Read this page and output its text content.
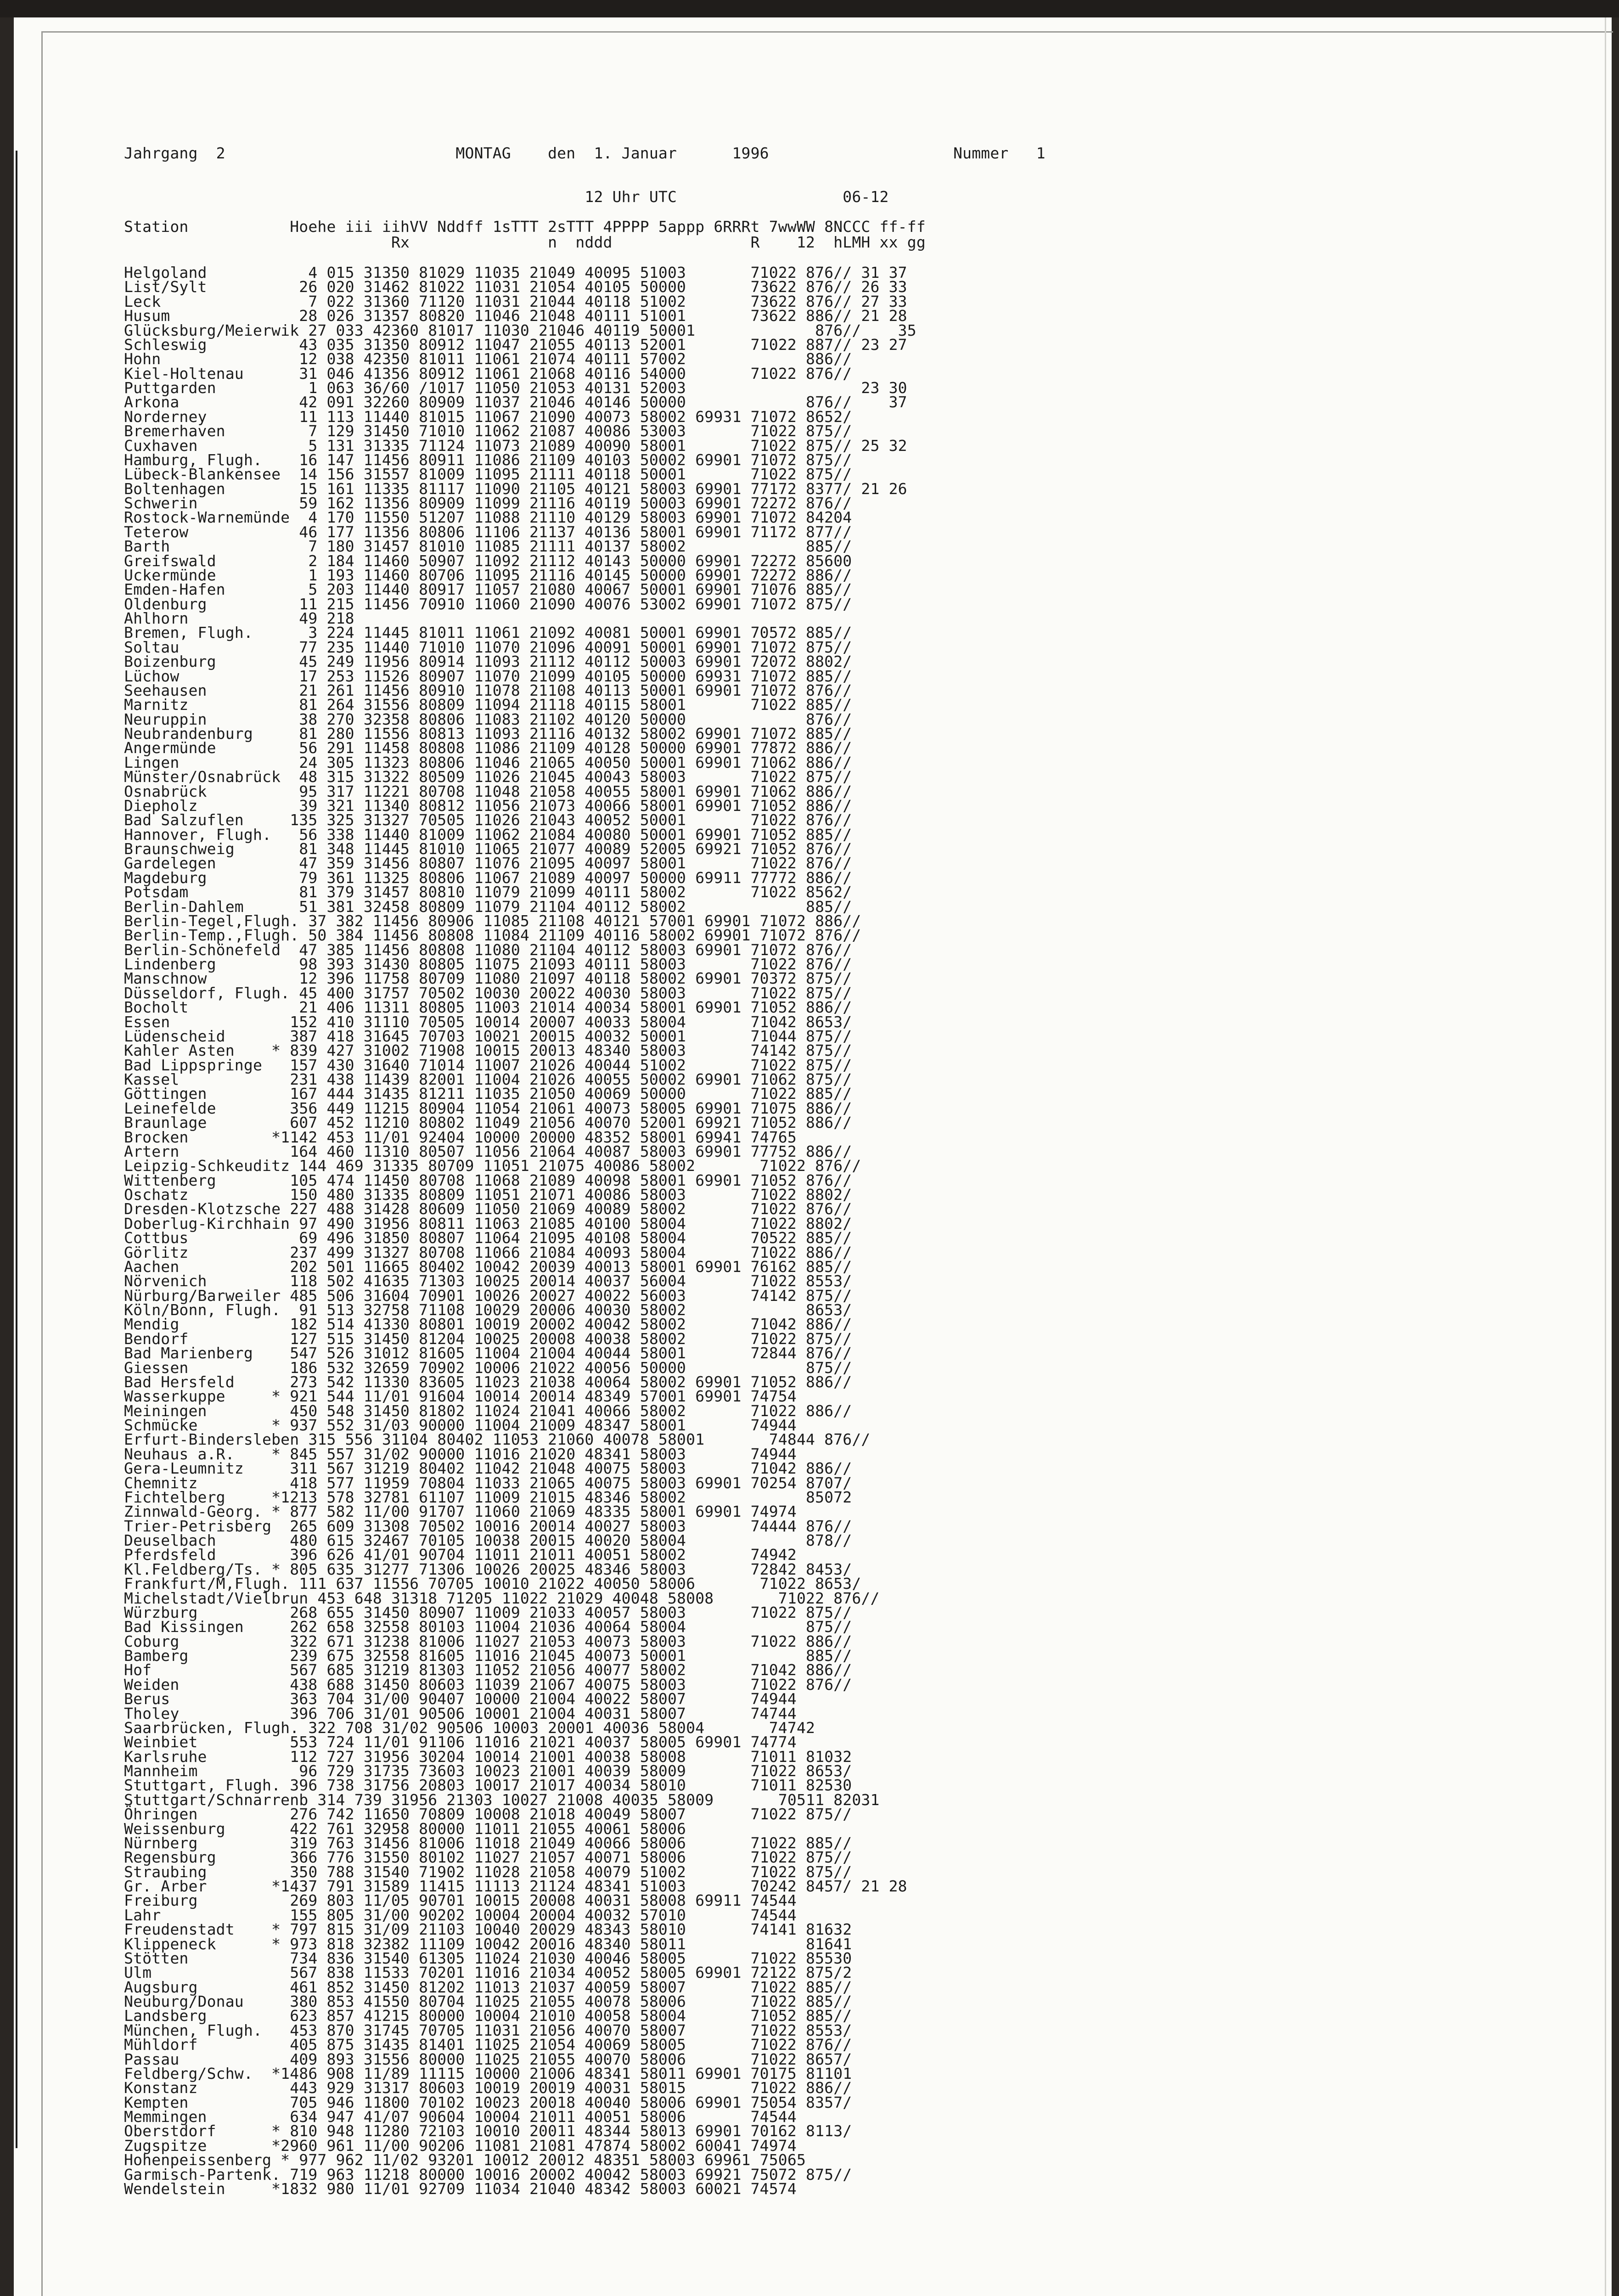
Jahrgang  2                         MONTAG    den  1. Januar      1996                    Nummer   1
12 Uhr UTC                  06-12
Station           Hoehe iii iihVV Nddff 1sTTT 2sTTT 4PPPP 5appp 6RRRt 7wwWW 8NCCC ff-ff
Rx               n  nddd               R    12  hLMH xx gg
Helgoland           4 015 31350 81029 11035 21049 40095 51003       71022 876// 31 37
List/Sylt          26 020 31462 81022 11031 21054 40105 50000       73622 876// 26 33
Leck                7 022 31360 71120 11031 21044 40118 51002       73622 876// 27 33
Husum              28 026 31357 80820 11046 21048 40111 51001       73622 886// 21 28
Glücksburg/Meierwik 27 033 42360 81017 11030 21046 40119 50001             876//    35
Schleswig          43 035 31350 80912 11047 21055 40113 52001       71022 887// 23 27
Hohn               12 038 42350 81011 11061 21074 40111 57002             886//
Kiel-Holtenau      31 046 41356 80912 11061 21068 40116 54000       71022 876//
Puttgarden          1 063 36/60 /1017 11050 21053 40131 52003                   23 30
Arkona             42 091 32260 80909 11037 21046 40146 50000             876//    37
Norderney          11 113 11440 81015 11067 21090 40073 58002 69931 71072 8652/
Bremerhaven         7 129 31450 71010 11062 21087 40086 53003       71022 875//
Cuxhaven            5 131 31335 71124 11073 21089 40090 58001       71022 875// 25 32
Hamburg, Flugh.    16 147 11456 80911 11086 21109 40103 50002 69901 71072 875//
Lübeck-Blankensee  14 156 31557 81009 11095 21111 40118 50001       71022 875//
Boltenhagen        15 161 11335 81117 11090 21105 40121 58003 69901 77172 8377/ 21 26
Schwerin           59 162 11356 80909 11099 21116 40119 50003 69901 72272 876//
Rostock-Warnemünde  4 170 11550 51207 11088 21110 40129 58003 69901 71072 84204
Teterow            46 177 11356 80806 11106 21137 40136 58001 69901 71172 877//
Barth               7 180 31457 81010 11085 21111 40137 58002             885//
Greifswald          2 184 11460 50907 11092 21112 40143 50000 69901 72272 85600
Uckermünde          1 193 11460 80706 11095 21116 40145 50000 69901 72272 886//
Emden-Hafen         5 203 11440 80917 11057 21080 40067 50001 69901 71076 885//
Oldenburg          11 215 11456 70910 11060 21090 40076 53002 69901 71072 875//
Ahlhorn            49 218
Bremen, Flugh.      3 224 11445 81011 11061 21092 40081 50001 69901 70572 885//
Soltau             77 235 11440 71010 11070 21096 40091 50001 69901 71072 875//
Boizenburg         45 249 11956 80914 11093 21112 40112 50003 69901 72072 8802/
Lüchow             17 253 11526 80907 11070 21099 40105 50000 69931 71072 885//
Seehausen          21 261 11456 80910 11078 21108 40113 50001 69901 71072 876//
Marnitz            81 264 31556 80809 11094 21118 40115 58001       71022 885//
Neuruppin          38 270 32358 80806 11083 21102 40120 50000             876//
Neubrandenburg     81 280 11556 80813 11093 21116 40132 58002 69901 71072 885//
Angermünde         56 291 11458 80808 11086 21109 40128 50000 69901 77872 886//
Lingen             24 305 11323 80806 11046 21065 40050 50001 69901 71062 886//
Münster/Osnabrück  48 315 31322 80509 11026 21045 40043 58003       71022 875//
Osnabrück          95 317 11221 80708 11048 21058 40055 58001 69901 71062 886//
Diepholz           39 321 11340 80812 11056 21073 40066 58001 69901 71052 886//
Bad Salzuflen     135 325 31327 70505 11026 21043 40052 50001       71022 876//
Hannover, Flugh.   56 338 11440 81009 11062 21084 40080 50001 69901 71052 885//
Braunschweig       81 348 11445 81010 11065 21077 40089 52005 69921 71052 876//
Gardelegen         47 359 31456 80807 11076 21095 40097 58001       71022 876//
Magdeburg          79 361 11325 80806 11067 21089 40097 50000 69911 77772 886//
Potsdam            81 379 31457 80810 11079 21099 40111 58002       71022 8562/
Berlin-Dahlem      51 381 32458 80809 11079 21104 40112 58002             885//
Berlin-Tegel,Flugh. 37 382 11456 80906 11085 21108 40121 57001 69901 71072 886//
Berlin-Temp.,Flugh. 50 384 11456 80808 11084 21109 40116 58002 69901 71072 876//
Berlin-Schönefeld  47 385 11456 80808 11080 21104 40112 58003 69901 71072 876//
Lindenberg         98 393 31430 80805 11075 21093 40111 58003       71022 876//
Manschnow          12 396 11758 80709 11080 21097 40118 58002 69901 70372 875//
Düsseldorf, Flugh. 45 400 31757 70502 10030 20022 40030 58003       71022 875//
Bocholt            21 406 11311 80805 11003 21014 40034 58001 69901 71052 886//
Essen             152 410 31110 70505 10014 20007 40033 58004       71042 8653/
Lüdenscheid       387 418 31645 70703 10021 20015 40032 50001       71044 875//
Kahler Asten    * 839 427 31002 71908 10015 20013 48340 58003       74142 875//
Bad Lippspringe   157 430 31640 71014 11007 21026 40044 51002       71022 875//
Kassel            231 438 11439 82001 11004 21026 40055 50002 69901 71062 875//
Göttingen         167 444 31435 81211 11035 21050 40069 50000       71022 885//
Leinefelde        356 449 11215 80904 11054 21061 40073 58005 69901 71075 886//
Braunlage         607 452 11210 80802 11049 21056 40070 52001 69921 71052 886//
Brocken         *1142 453 11/01 92404 10000 20000 48352 58001 69941 74765
Artern            164 460 11310 80507 11056 21064 40087 58003 69901 77752 886//
Leipzig-Schkeuditz 144 469 31335 80709 11051 21075 40086 58002       71022 876//
Wittenberg        105 474 11450 80708 11068 21089 40098 58001 69901 71052 876//
Oschatz           150 480 31335 80809 11051 21071 40086 58003       71022 8802/
Dresden-Klotzsche 227 488 31428 80609 11050 21069 40089 58002       71022 876//
Doberlug-Kirchhain 97 490 31956 80811 11063 21085 40100 58004       71022 8802/
Cottbus            69 496 31850 80807 11064 21095 40108 58004       70522 885//
Görlitz           237 499 31327 80708 11066 21084 40093 58004       71022 886//
Aachen            202 501 11665 80402 10042 20039 40013 58001 69901 76162 885//
Nörvenich         118 502 41635 71303 10025 20014 40037 56004       71022 8553/
Nürburg/Barweiler 485 506 31604 70901 10026 20027 40022 56003       74142 875//
Köln/Bonn, Flugh.  91 513 32758 71108 10029 20006 40030 58002             8653/
Mendig            182 514 41330 80801 10019 20002 40042 58002       71042 886//
Bendorf           127 515 31450 81204 10025 20008 40038 58002       71022 875//
Bad Marienberg    547 526 31012 81605 11004 21004 40044 58001       72844 876//
Giessen           186 532 32659 70902 10006 21022 40056 50000             875//
Bad Hersfeld      273 542 11330 83605 11023 21038 40064 58002 69901 71052 886//
Wasserkuppe     * 921 544 11/01 91604 10014 20014 48349 57001 69901 74754
Meiningen         450 548 31450 81802 11024 21041 40066 58002       71022 886//
Schmücke        * 937 552 31/03 90000 11004 21009 48347 58001       74944
Erfurt-Bindersleben 315 556 31104 80402 11053 21060 40078 58001       74844 876//
Neuhaus a.R.    * 845 557 31/02 90000 11016 21020 48341 58003       74944
Gera-Leumnitz     311 567 31219 80402 11042 21048 40075 58003       71042 886//
Chemnitz          418 577 11959 70804 11033 21065 40075 58003 69901 70254 8707/
Fichtelberg     *1213 578 32781 61107 11009 21015 48346 58002             85072
Zinnwald-Georg. * 877 582 11/00 91707 11060 21069 48335 58001 69901 74974
Trier-Petrisberg  265 609 31308 70502 10016 20014 40027 58003       74444 876//
Deuselbach        480 615 32467 70105 10038 20015 40020 58004             878//
Pferdsfeld        396 626 41/01 90704 11011 21011 40051 58002       74942
Kl.Feldberg/Ts. * 805 635 31277 71306 10026 20025 48346 58003       72842 8453/
Frankfurt/M,Flugh. 111 637 11556 70705 10010 21022 40050 58006       71022 8653/
Michelstadt/Vielbrun 453 648 31318 71205 11022 21029 40048 58008       71022 876//
Würzburg          268 655 31450 80907 11009 21033 40057 58003       71022 875//
Bad Kissingen     262 658 32558 80103 11004 21036 40064 58004             875//
Coburg            322 671 31238 81006 11027 21053 40073 58003       71022 886//
Bamberg           239 675 32558 81605 11016 21045 40073 50001             885//
Hof               567 685 31219 81303 11052 21056 40077 58002       71042 886//
Weiden            438 688 31450 80603 11039 21067 40075 58003       71022 876//
Berus             363 704 31/00 90407 10000 21004 40022 58007       74944
Tholey            396 706 31/01 90506 10001 21004 40031 58007       74744
Saarbrücken, Flugh. 322 708 31/02 90506 10003 20001 40036 58004       74742
Weinbiet          553 724 11/01 91106 11016 21021 40037 58005 69901 74774
Karlsruhe         112 727 31956 30204 10014 21001 40038 58008       71011 81032
Mannheim           96 729 31735 73603 10023 21001 40039 58009       71022 8653/
Stuttgart, Flugh. 396 738 31756 20803 10017 21017 40034 58010       71011 82530
Stuttgart/Schnarrenb 314 739 31956 21303 10027 21008 40035 58009       70511 82031
Öhringen          276 742 11650 70809 10008 21018 40049 58007       71022 875//
Weissenburg       422 761 32958 80000 11011 21055 40061 58006
Nürnberg          319 763 31456 81006 11018 21049 40066 58006       71022 885//
Regensburg        366 776 31550 80102 11027 21057 40071 58006       71022 875//
Straubing         350 788 31540 71902 11028 21058 40079 51002       71022 875//
Gr. Arber       *1437 791 31589 11415 11113 21124 48341 51003       70242 8457/ 21 28
Freiburg          269 803 11/05 90701 10015 20008 40031 58008 69911 74544
Lahr              155 805 31/00 90202 10004 20004 40032 57010       74544
Freudenstadt    * 797 815 31/09 21103 10040 20029 48343 58010       74141 81632
Klippeneck      * 973 818 32382 11109 10042 20016 48340 58011             81641
Stötten           734 836 31540 61305 11024 21030 40046 58005       71022 85530
Ulm               567 838 11533 70201 11016 21034 40052 58005 69901 72122 875/2
Augsburg          461 852 31450 81202 11013 21037 40059 58007       71022 885//
Neuburg/Donau     380 853 41550 80704 11025 21055 40078 58006       71022 885//
Landsberg         623 857 41215 80000 10004 21010 40058 58004       71052 885//
München, Flugh.   453 870 31745 70705 11031 21056 40070 58007       71022 8553/
Mühldorf          405 875 31435 81401 11025 21054 40069 58005       71022 876//
Passau            409 893 31556 80000 11025 21055 40070 58006       71022 8657/
Feldberg/Schw.  *1486 908 11/89 11115 10000 21006 48341 58011 69901 70175 81101
Konstanz          443 929 31317 80603 10019 20019 40031 58015       71022 886//
Kempten           705 946 11800 70102 10023 20018 40040 58006 69901 75054 8357/
Memmingen         634 947 41/07 90604 10004 21011 40051 58006       74544
Oberstdorf      * 810 948 11280 72103 10010 20011 48344 58013 69901 70162 8113/
Zugspitze       *2960 961 11/00 90206 11081 21081 47874 58002 60041 74974
Hohenpeissenberg * 977 962 11/02 93201 10012 20012 48351 58003 69961 75065
Garmisch-Partenk. 719 963 11218 80000 10016 20002 40042 58003 69921 75072 875//
Wendelstein     *1832 980 11/01 92709 11034 21040 48342 58003 60021 74574
